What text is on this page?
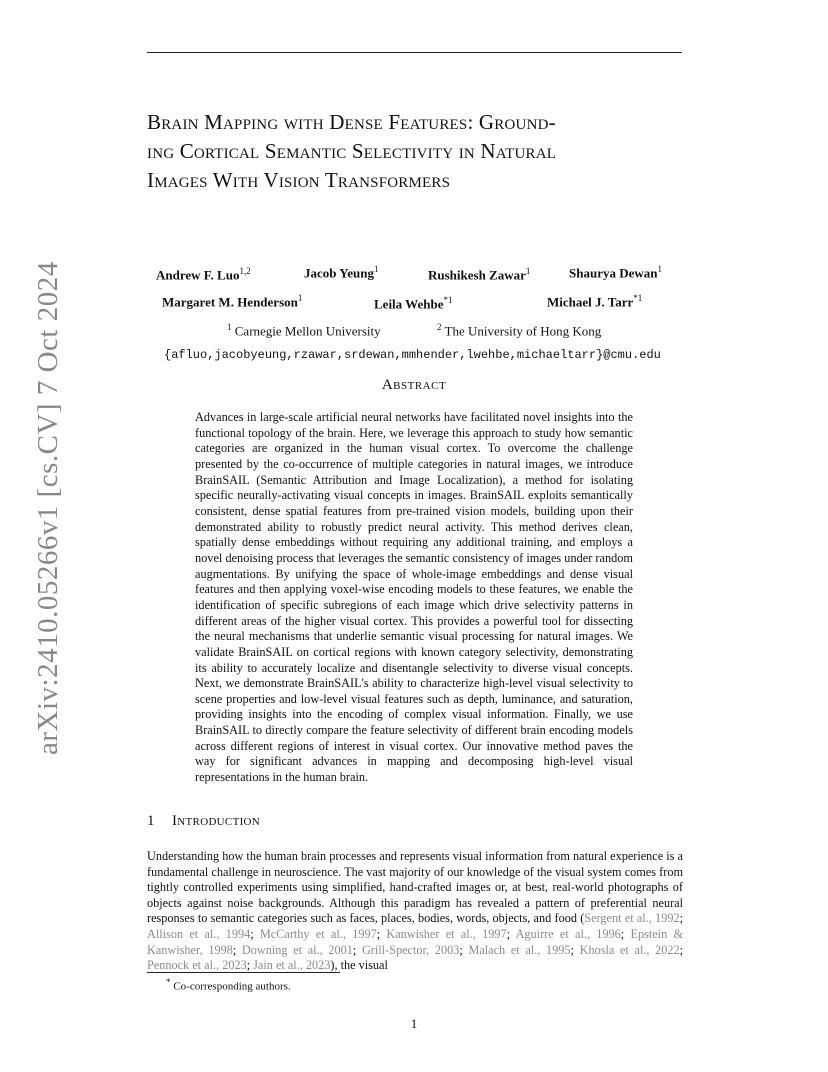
Brain Mapping with Dense Features: Ground-
ing Cortical Semantic Selectivity in Natural
Images With Vision Transformers
Andrew F. Luo$^{1,2}$	Jacob Yeung$^1$	Rushikesh Zawar$^1$	Shaurya Dewan$^1$
Margaret M. Henderson$^1$	Leila Wehbe$^{*1}$	Michael J. Tarr$^{*1}$
$^1$ Carnegie Mellon University	$^2$ The University of Hong Kong
{afluo,jacobyeung,rzawar,srdewan,mmhender,lwehbe,michaeltarr}@cmu.edu
Abstract

Advances in large-scale artificial neural networks have facilitated novel insights into the functional topology of the brain. Here, we leverage this approach to study how semantic categories are organized in the human visual cortex. To overcome the challenge presented by the co-occurrence of multiple categories in natural images, we introduce BrainSAIL (Semantic Attribution and Image Localization), a method for isolating specific neurally-activating visual concepts in images. BrainSAIL exploits semantically consistent, dense spatial features from pre-trained vision models, building upon their demonstrated ability to robustly predict neural activity. This method derives clean, spatially dense embeddings without requiring any additional training, and employs a novel denoising process that leverages the semantic consistency of images under random augmentations. By unifying the space of whole-image embeddings and dense visual features and then applying voxel-wise encoding models to these features, we enable the identification of specific subregions of each image which drive selectivity patterns in different areas of the higher visual cortex. This provides a powerful tool for dissecting the neural mechanisms that underlie semantic visual processing for natural images. We validate BrainSAIL on cortical regions with known category selectivity, demonstrating its ability to accurately localize and disentangle selectivity to diverse visual concepts. Next, we demonstrate BrainSAIL's ability to characterize high-level visual selectivity to scene properties and low-level visual features such as depth, luminance, and saturation, providing insights into the encoding of complex visual information. Finally, we use BrainSAIL to directly compare the feature selectivity of different brain encoding models across different regions of interest in visual cortex. Our innovative method paves the way for significant advances in mapping and decomposing high-level visual representations in the human brain.

arXiv:2410.05266v1 [cs.CV] 7 Oct 2024
1 Introduction

Understanding how the human brain processes and represents visual information from natural experience is a fundamental challenge in neuroscience. The vast majority of our knowledge of the visual system comes from tightly controlled experiments using simplified, hand-crafted images or, at best, real-world photographs of objects against noise backgrounds. Although this paradigm has revealed a pattern of preferential neural responses to semantic categories such as faces, places, bodies, words, objects, and food (Sergent et al., 1992; Allison et al., 1994; McCarthy et al., 1997; Kanwisher et al., 1997; Aguirre et al., 1996; Epstein & Kanwisher, 1998; Downing et al., 2001; Grill-Spector, 2003; Malach et al., 1995; Khosla et al., 2022; Pennock et al., 2023; Jain et al., 2023), the visual

* Co-corresponding authors.
1
